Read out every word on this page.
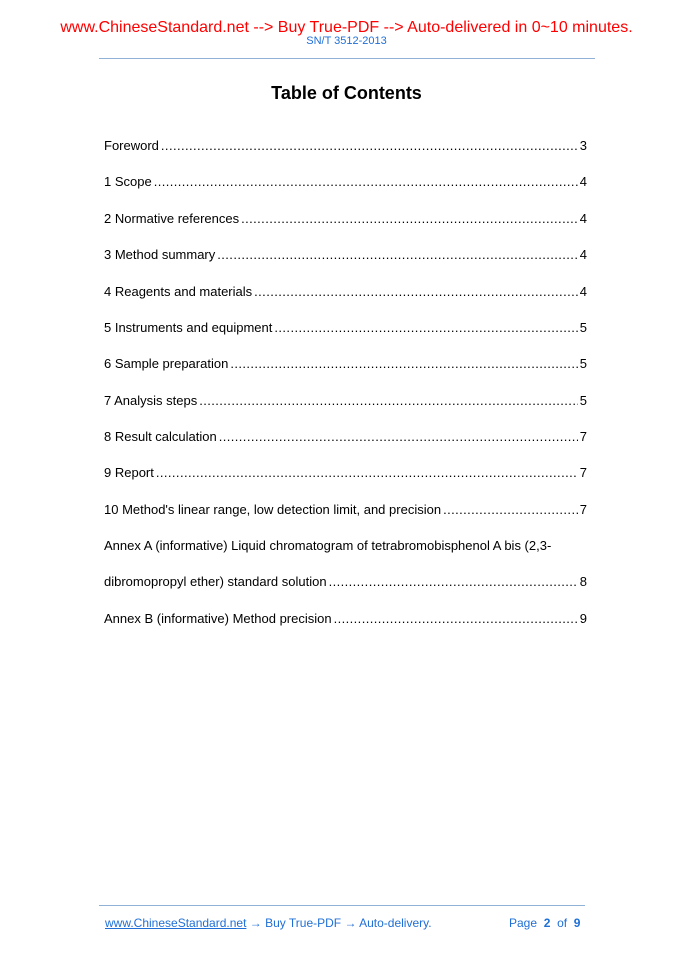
www.ChineseStandard.net --> Buy True-PDF --> Auto-delivered in 0~10 minutes.
SN/T 3512-2013
Table of Contents
Foreword .....	3
1 Scope .....	4
2 Normative references .....	4
3 Method summary .....	4
4 Reagents and materials .....	4
5 Instruments and equipment .....	5
6 Sample preparation .....	5
7 Analysis steps .....	5
8 Result calculation .....	7
9 Report .....	7
10 Method's linear range, low detection limit, and precision .....	7
Annex A (informative) Liquid chromatogram of tetrabromobisphenol A bis (2,3-
dibromopropyl ether) standard solution .....	8
Annex B (informative) Method precision .....	9
www.ChineseStandard.net → Buy True-PDF → Auto-delivery.	Page 2 of 9
